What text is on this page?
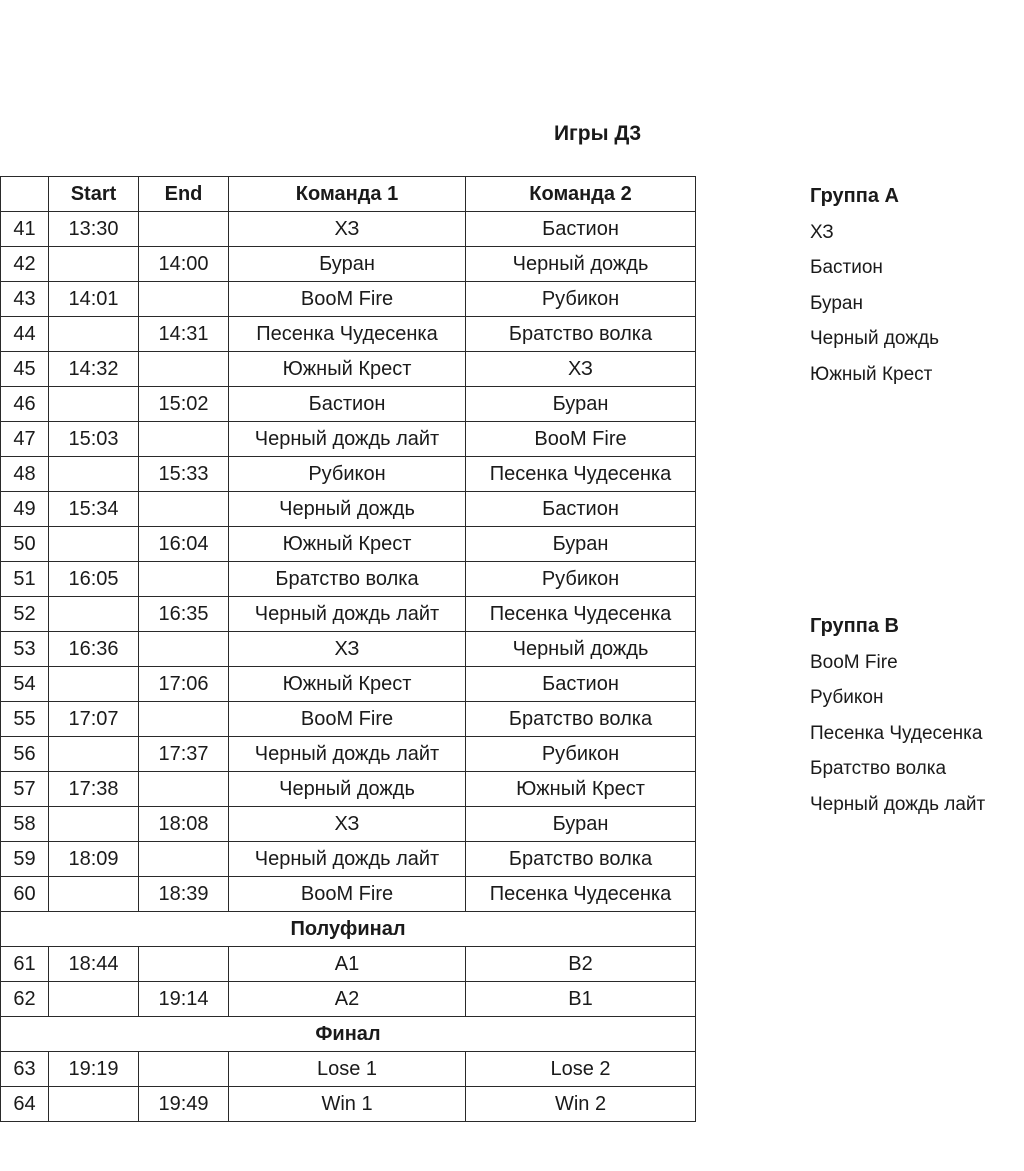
Игры Д3
	Start	End	Команда 1	Команда 2
41	13:30		ХЗ	Бастион
42		14:00	Буран	Черный дождь
43	14:01		BooM Fire	Рубикон
44		14:31	Песенка Чудесенка	Братство волка
45	14:32		Южный Крест	ХЗ
46		15:02	Бастион	Буран
47	15:03		Черный дождь лайт	BooM Fire
48		15:33	Рубикон	Песенка Чудесенка
49	15:34		Черный дождь	Бастион
50		16:04	Южный Крест	Буран
51	16:05		Братство волка	Рубикон
52		16:35	Черный дождь лайт	Песенка Чудесенка
53	16:36		ХЗ	Черный дождь
54		17:06	Южный Крест	Бастион
55	17:07		BooM Fire	Братство волка
56		17:37	Черный дождь лайт	Рубикон
57	17:38		Черный дождь	Южный Крест
58		18:08	ХЗ	Буран
59	18:09		Черный дождь лайт	Братство волка
60		18:39	BooM Fire	Песенка Чудесенка
Полуфинал				
61	18:44		A1	B2
62		19:14	A2	B1
Финал				
63	19:19		Lose 1	Lose 2
64		19:49	Win 1	Win 2
Группа А
ХЗ
Бастион
Буран
Черный дождь
Южный Крест
Группа В
BooM Fire
Рубикон
Песенка Чудесенка
Братство волка
Черный дождь лайт
